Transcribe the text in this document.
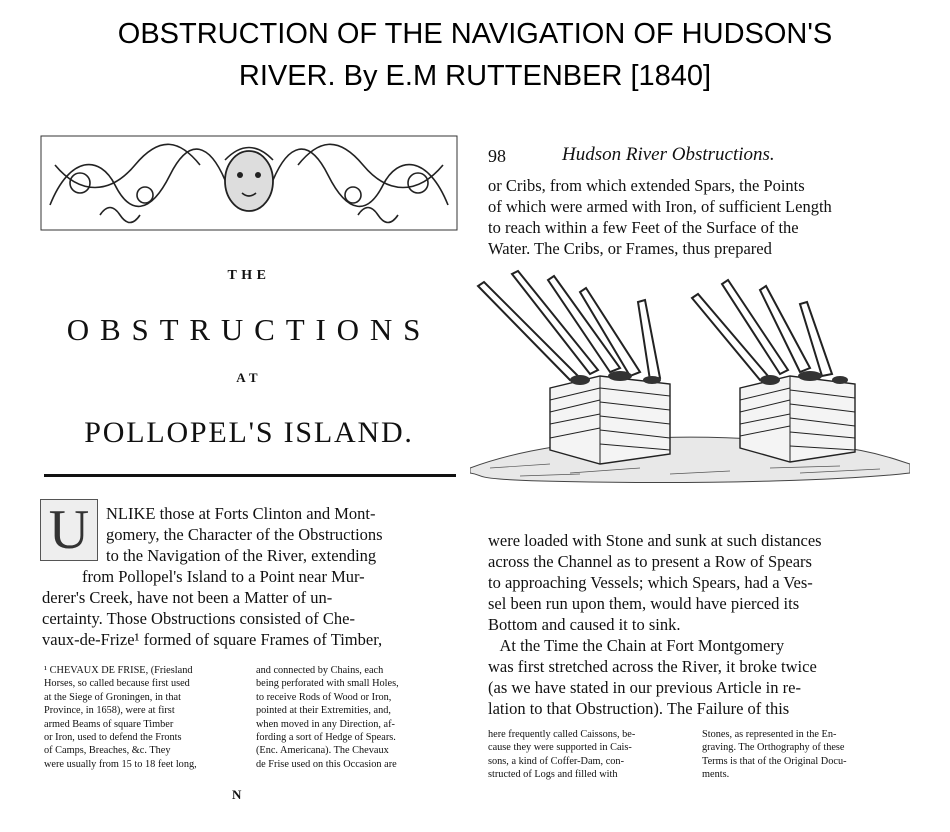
OBSTRUCTION OF THE NAVIGATION OF HUDSON'S
RIVER. By E.M RUTTENBER [1840]
THE
OBSTRUCTIONS
AT
POLLOPEL'S ISLAND.
U	NLIKE those at Forts Clinton and Mont-
gomery, the Character of the Obstructions
to the Navigation of the River, extending
from Pollopel's Island to a Point near Mur-
derer's Creek, have not been a Matter of un-
certainty. Those Obstructions consisted of Che-
vaux-de-Frize¹ formed of square Frames of Timber,
¹ CHEVAUX DE FRISE, (Friesland
Horses, so called because first used
at the Siege of Groningen, in that
Province, in 1658), were at first
armed Beams of square Timber
or Iron, used to defend the Fronts
of Camps, Breaches, &c. They
were usually from 15 to 18 feet long,
and connected by Chains, each
being perforated with small Holes,
to receive Rods of Wood or Iron,
pointed at their Extremities, and,
when moved in any Direction, af-
fording a sort of Hedge of Spears.
(Enc. Americana). The Chevaux
de Frise used on this Occasion are
N
98	Hudson River Obstructions.
or Cribs, from which extended Spars, the Points
of which were armed with Iron, of sufficient Length
to reach within a few Feet of the Surface of the
Water. The Cribs, or Frames, thus prepared
were loaded with Stone and sunk at such distances
across the Channel as to present a Row of Spears
to approaching Vessels; which Spears, had a Ves-
sel been run upon them, would have pierced its
Bottom and caused it to sink.
At the Time the Chain at Fort Montgomery
was first stretched across the River, it broke twice
(as we have stated in our previous Article in re-
lation to that Obstruction). The Failure of this
here frequently called Caissons, be-
cause they were supported in Cais-
sons, a kind of Coffer-Dam, con-
structed of Logs and filled with
Stones, as represented in the En-
graving. The Orthography of these
Terms is that of the Original Docu-
ments.
